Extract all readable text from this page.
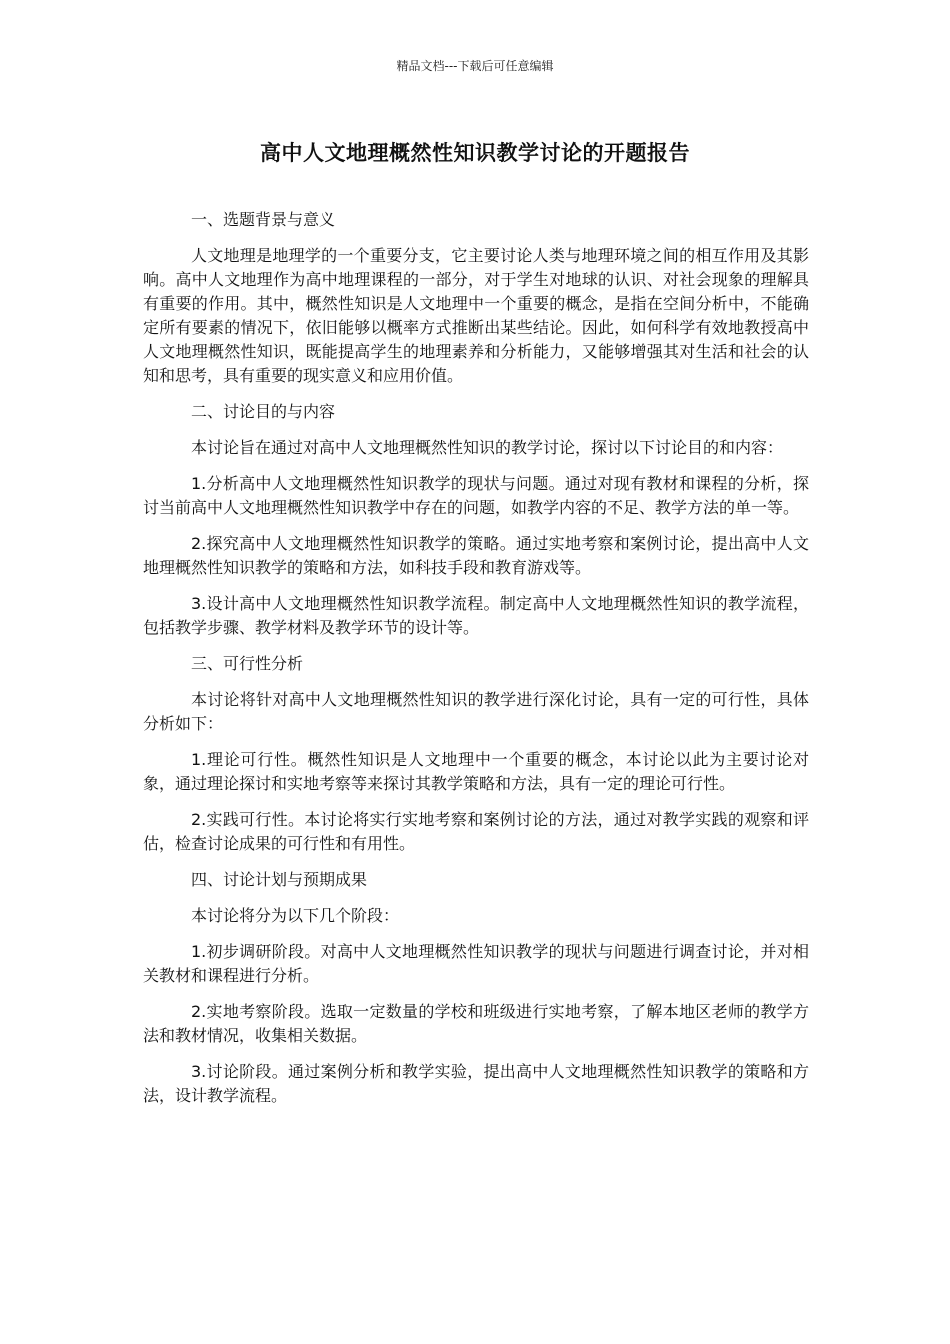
精品文档---下载后可任意编辑
高中人文地理概然性知识教学讨论的开题报告
一、选题背景与意义

人文地理是地理学的一个重要分支，它主要讨论人类与地理环境之间的相互作用及其影响。高中人文地理作为高中地理课程的一部分，对于学生对地球的认识、对社会现象的理解具有重要的作用。其中，概然性知识是人文地理中一个重要的概念，是指在空间分析中，不能确定所有要素的情况下，依旧能够以概率方式推断出某些结论。因此，如何科学有效地教授高中人文地理概然性知识，既能提高学生的地理素养和分析能力，又能够增强其对生活和社会的认知和思考，具有重要的现实意义和应用价值。

二、讨论目的与内容

本讨论旨在通过对高中人文地理概然性知识的教学讨论，探讨以下讨论目的和内容：

1.分析高中人文地理概然性知识教学的现状与问题。通过对现有教材和课程的分析，探讨当前高中人文地理概然性知识教学中存在的问题，如教学内容的不足、教学方法的单一等。

2.探究高中人文地理概然性知识教学的策略。通过实地考察和案例讨论，提出高中人文地理概然性知识教学的策略和方法，如科技手段和教育游戏等。

3.设计高中人文地理概然性知识教学流程。制定高中人文地理概然性知识的教学流程，包括教学步骤、教学材料及教学环节的设计等。

三、可行性分析

本讨论将针对高中人文地理概然性知识的教学进行深化讨论，具有一定的可行性，具体分析如下：

1.理论可行性。概然性知识是人文地理中一个重要的概念，本讨论以此为主要讨论对象，通过理论探讨和实地考察等来探讨其教学策略和方法，具有一定的理论可行性。

2.实践可行性。本讨论将实行实地考察和案例讨论的方法，通过对教学实践的观察和评估，检查讨论成果的可行性和有用性。

四、讨论计划与预期成果

本讨论将分为以下几个阶段：

1.初步调研阶段。对高中人文地理概然性知识教学的现状与问题进行调查讨论，并对相关教材和课程进行分析。

2.实地考察阶段。选取一定数量的学校和班级进行实地考察，了解本地区老师的教学方法和教材情况，收集相关数据。

3.讨论阶段。通过案例分析和教学实验，提出高中人文地理概然性知识教学的策略和方法，设计教学流程。
